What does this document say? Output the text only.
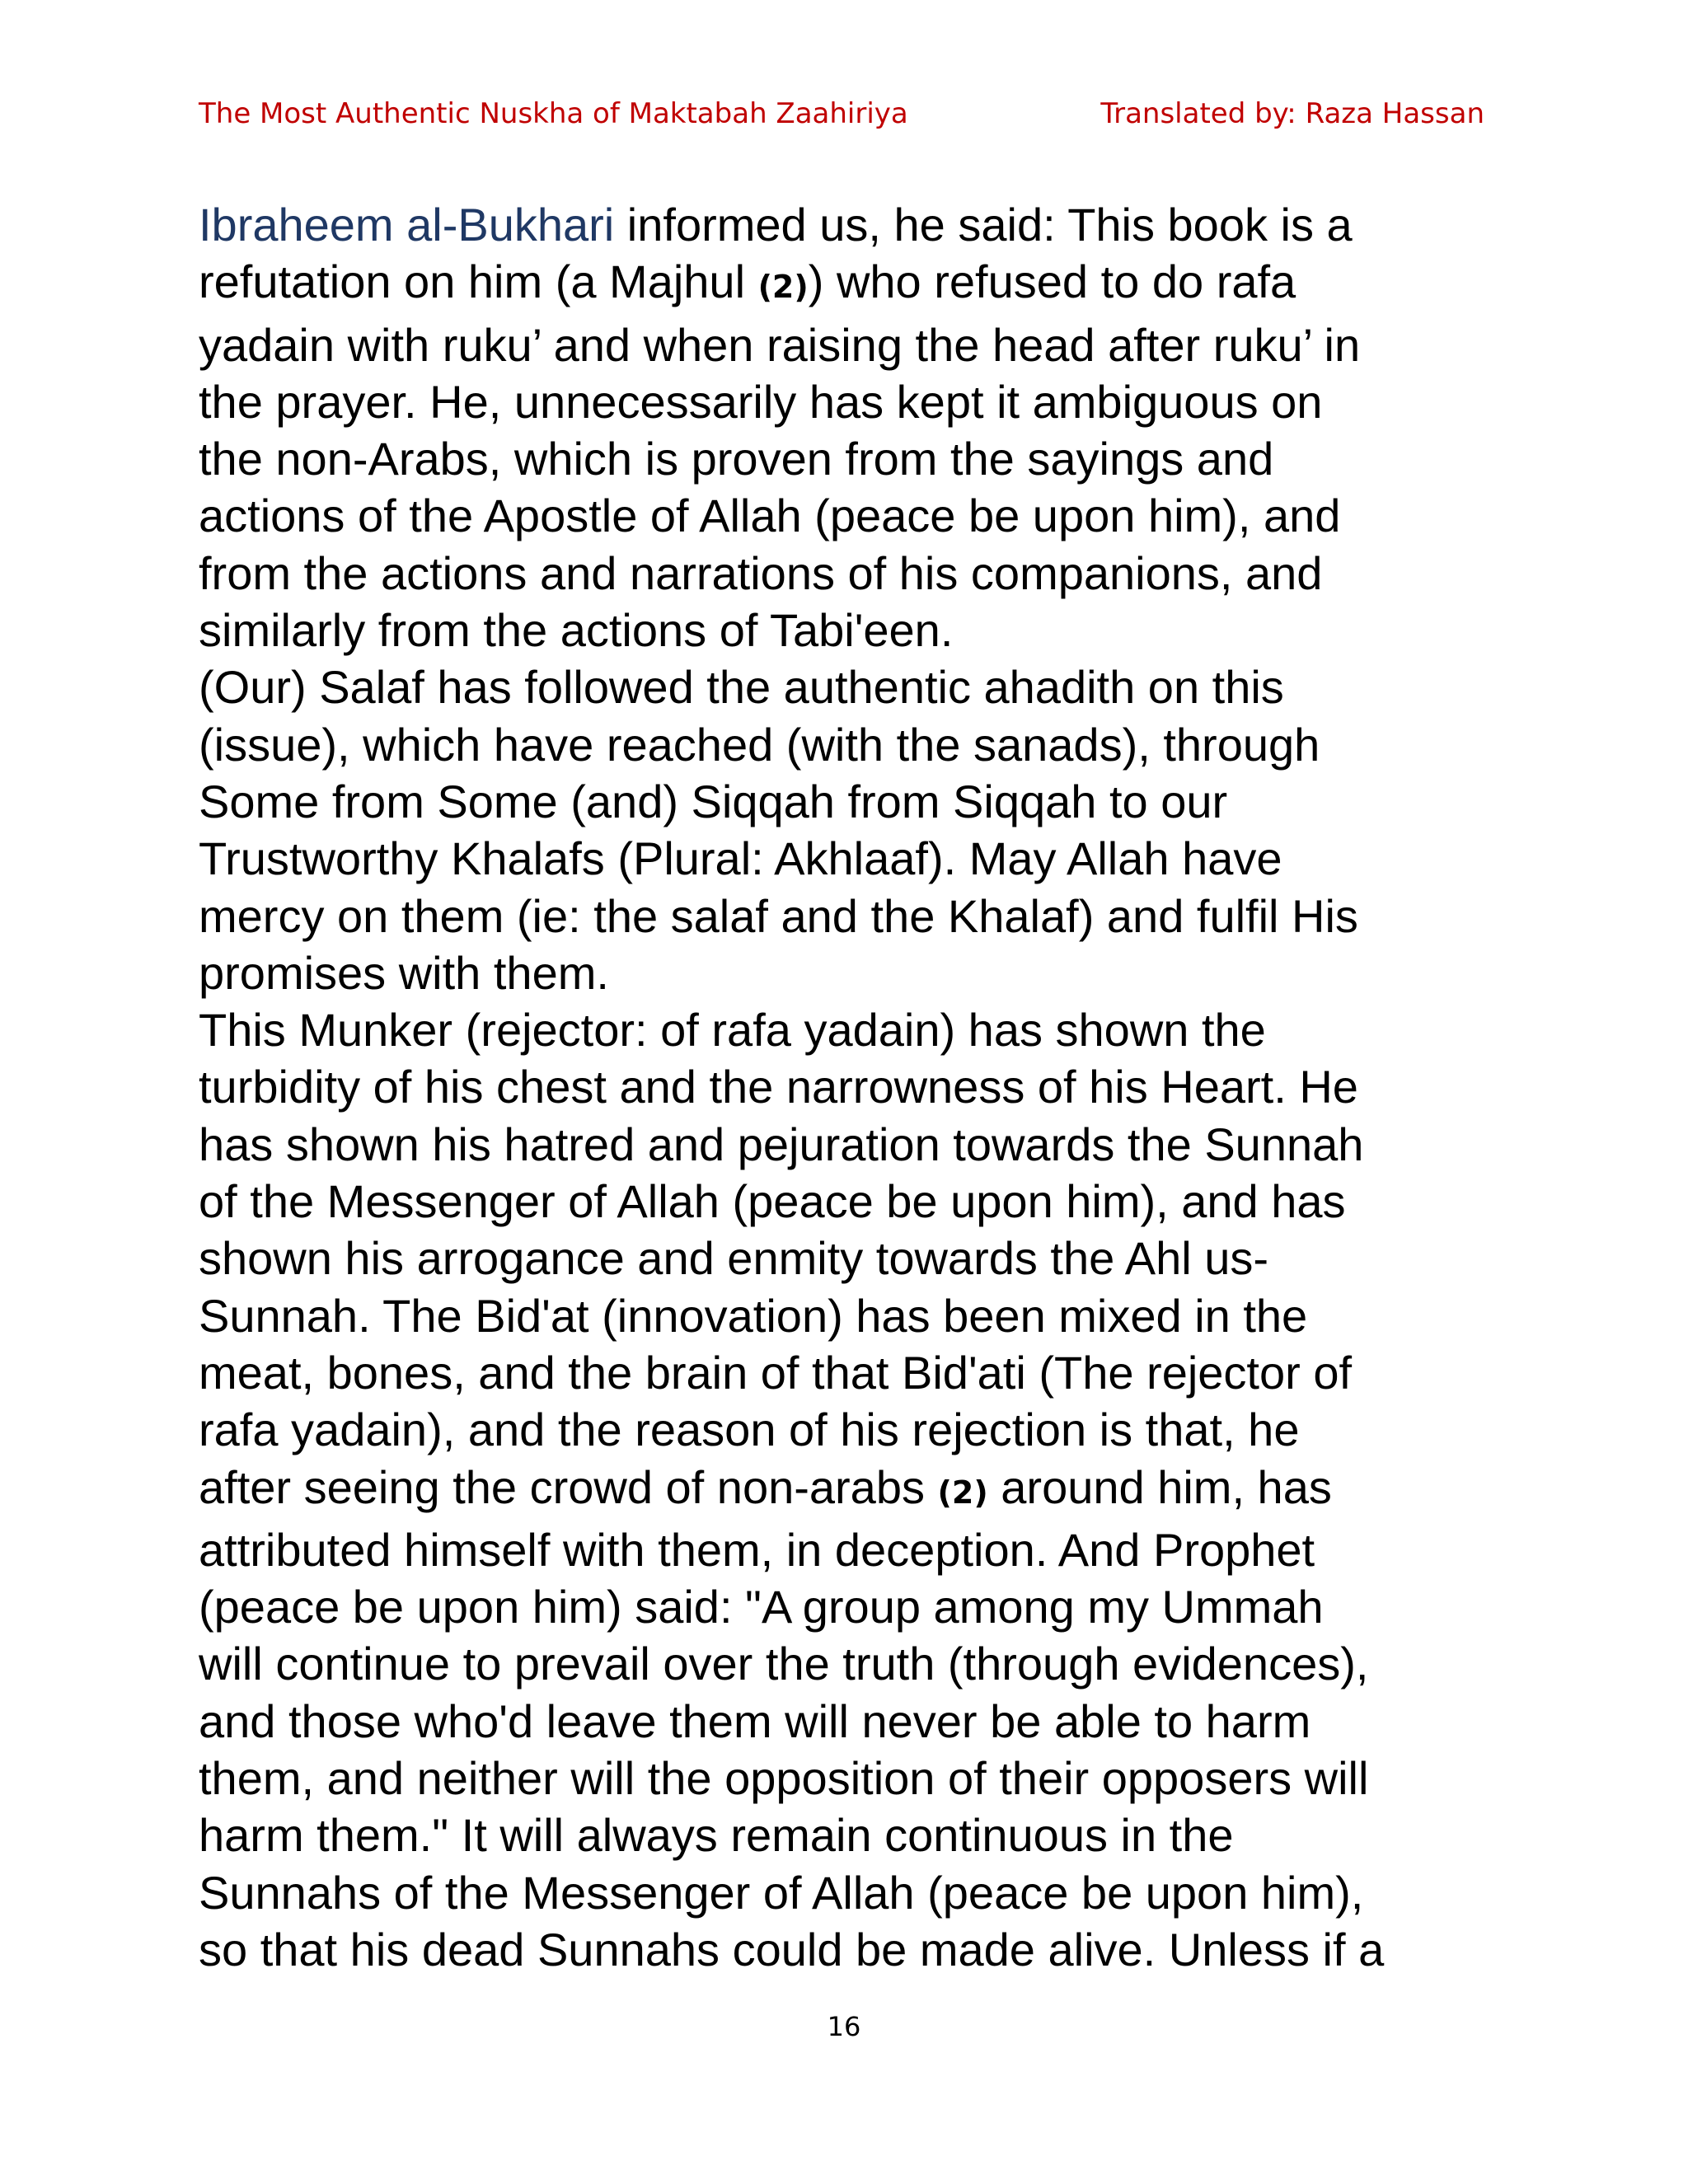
The Most Authentic Nuskha of Maktabah Zaahiriya	Translated by: Raza Hassan
Ibraheem al-Bukhari informed us, he said: This book is a
refutation on him (a Majhul (2)) who refused to do rafa
yadain with ruku’ and when raising the head after ruku’ in
the prayer. He, unnecessarily has kept it ambiguous on
the non-Arabs, which is proven from the sayings and
actions of the Apostle of Allah (peace be upon him), and
from the actions and narrations of his companions, and
similarly from the actions of Tabi'een.
(Our) Salaf has followed the authentic ahadith on this
(issue), which have reached (with the sanads), through
Some from Some (and) Siqqah from Siqqah to our
Trustworthy Khalafs (Plural: Akhlaaf). May Allah have
mercy on them (ie: the salaf and the Khalaf) and fulfil His
promises with them.
This Munker (rejector: of rafa yadain) has shown the
turbidity of his chest and the narrowness of his Heart. He
has shown his hatred and pejuration towards the Sunnah
of the Messenger of Allah (peace be upon him), and has
shown his arrogance and enmity towards the Ahl us-
Sunnah. The Bid'at (innovation) has been mixed in the
meat, bones, and the brain of that Bid'ati (The rejector of
rafa yadain), and the reason of his rejection is that, he
after seeing the crowd of non-arabs (2) around him, has
attributed himself with them, in deception. And Prophet
(peace be upon him) said: "A group among my Ummah
will continue to prevail over the truth (through evidences),
and those who'd leave them will never be able to harm
them, and neither will the opposition of their opposers will
harm them." It will always remain continuous in the
Sunnahs of the Messenger of Allah (peace be upon him),
so that his dead Sunnahs could be made alive. Unless if a
16
